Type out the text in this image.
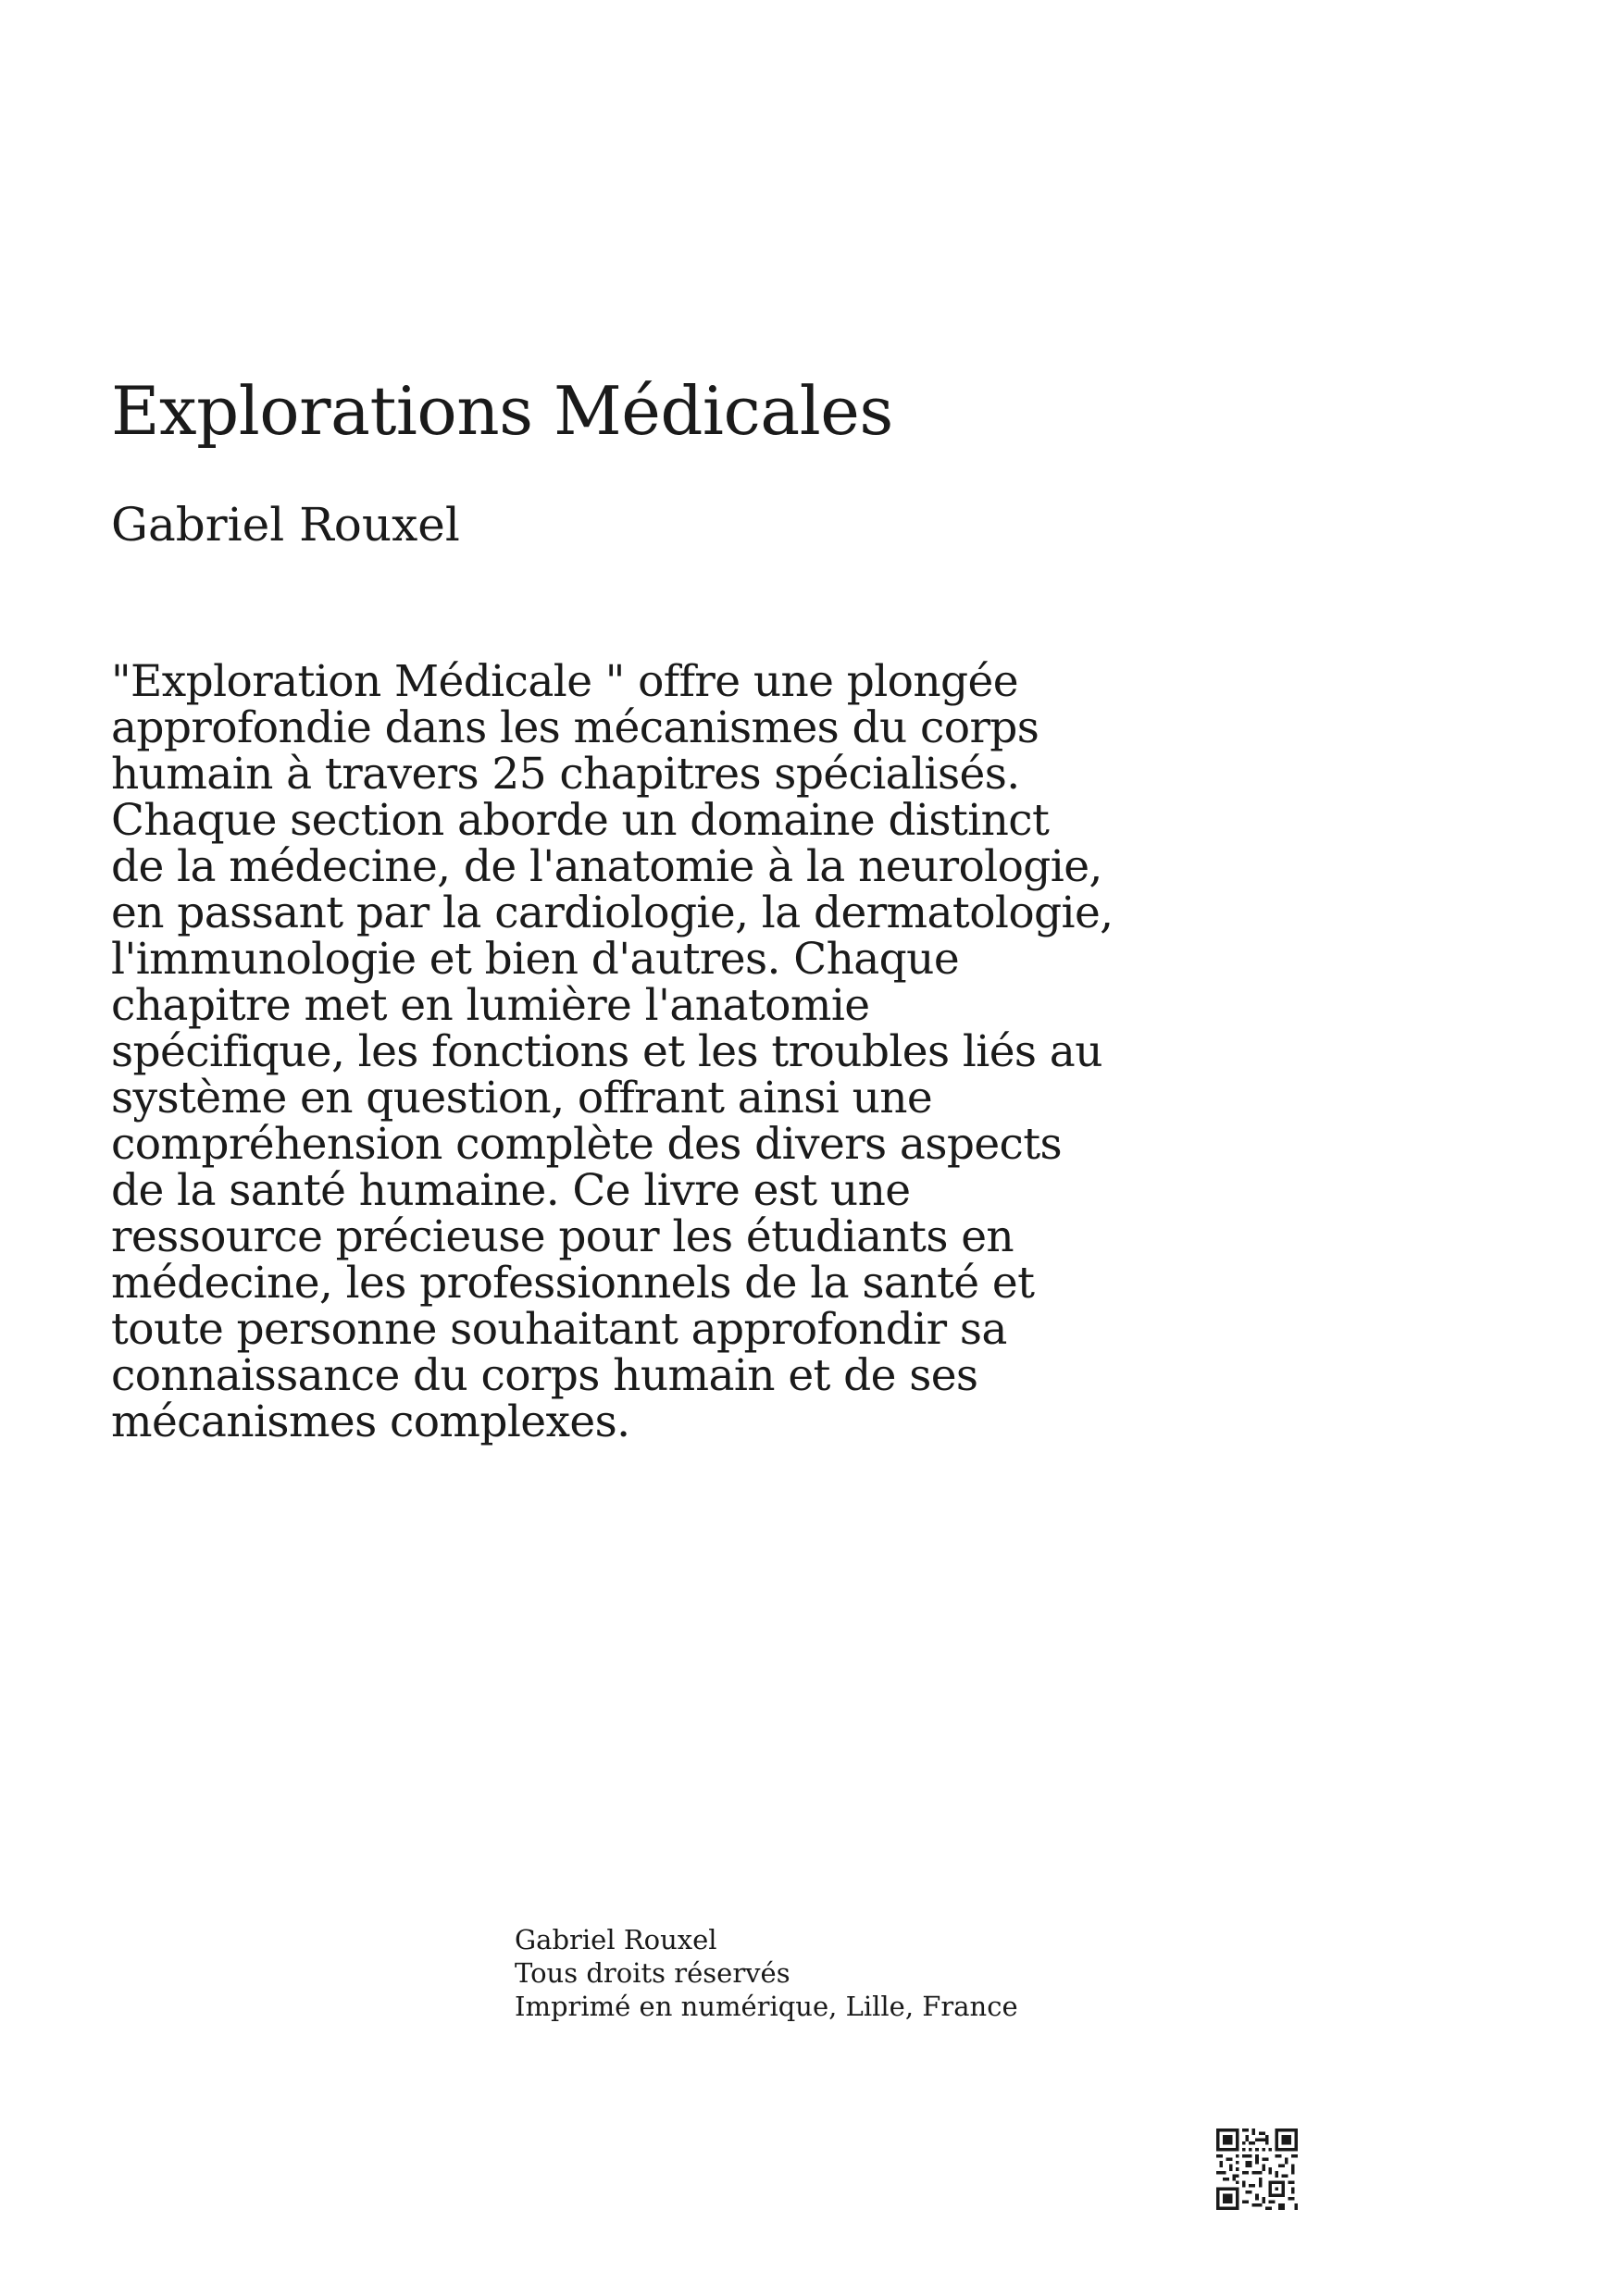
Explorations Médicales
Gabriel Rouxel

"Exploration Médicale " offre une plongée
approfondie dans les mécanismes du corps
humain à travers 25 chapitres spécialisés.
Chaque section aborde un domaine distinct
de la médecine, de l'anatomie à la neurologie,
en passant par la cardiologie, la dermatologie,
l'immunologie et bien d'autres. Chaque
chapitre met en lumière l'anatomie
spécifique, les fonctions et les troubles liés au
système en question, offrant ainsi une
compréhension complète des divers aspects
de la santé humaine. Ce livre est une
ressource précieuse pour les étudiants en
médecine, les professionnels de la santé et
toute personne souhaitant approfondir sa
connaissance du corps humain et de ses
mécanismes complexes.

Gabriel Rouxel
Tous droits réservés
Imprimé en numérique, Lille, France
